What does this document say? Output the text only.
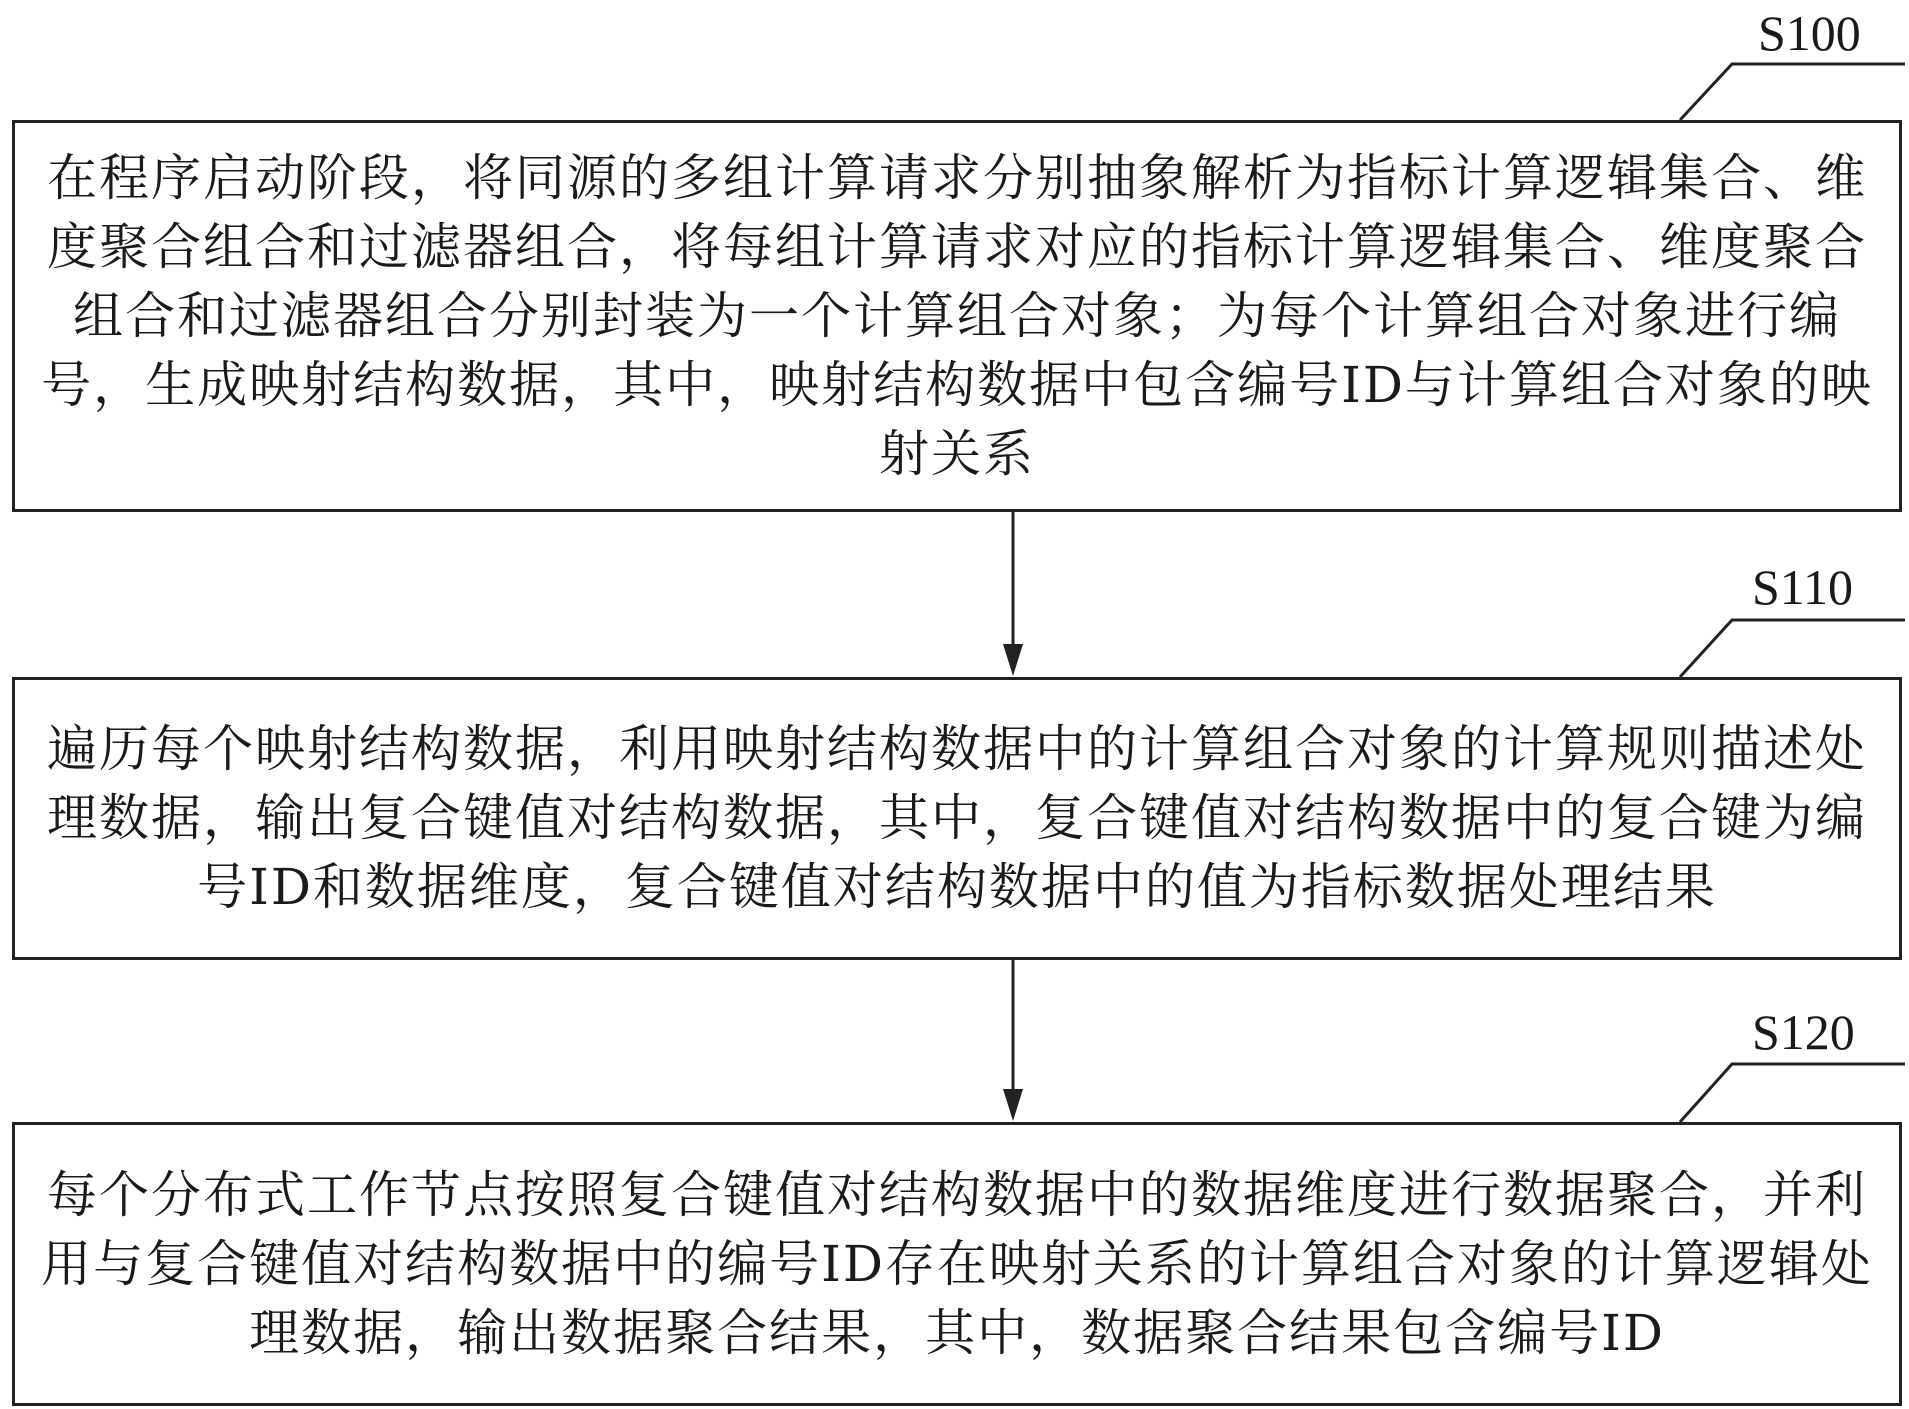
S100
在程序启动阶段，将同源的多组计算请求分别抽象解析为指标计算逻辑集合、维度聚合组合和过滤器组合，将每组计算请求对应的指标计算逻辑集合、维度聚合组合和过滤器组合分别封装为一个计算组合对象；为每个计算组合对象进行编号，生成映射结构数据，其中，映射结构数据中包含编号ID与计算组合对象的映射关系
S110
遍历每个映射结构数据，利用映射结构数据中的计算组合对象的计算规则描述处理数据，输出复合键值对结构数据，其中，复合键值对结构数据中的复合键为编号ID和数据维度，复合键值对结构数据中的值为指标数据处理结果
S120
每个分布式工作节点按照复合键值对结构数据中的数据维度进行数据聚合，并利用与复合键值对结构数据中的编号ID存在映射关系的计算组合对象的计算逻辑处理数据，输出数据聚合结果，其中，数据聚合结果包含编号ID
